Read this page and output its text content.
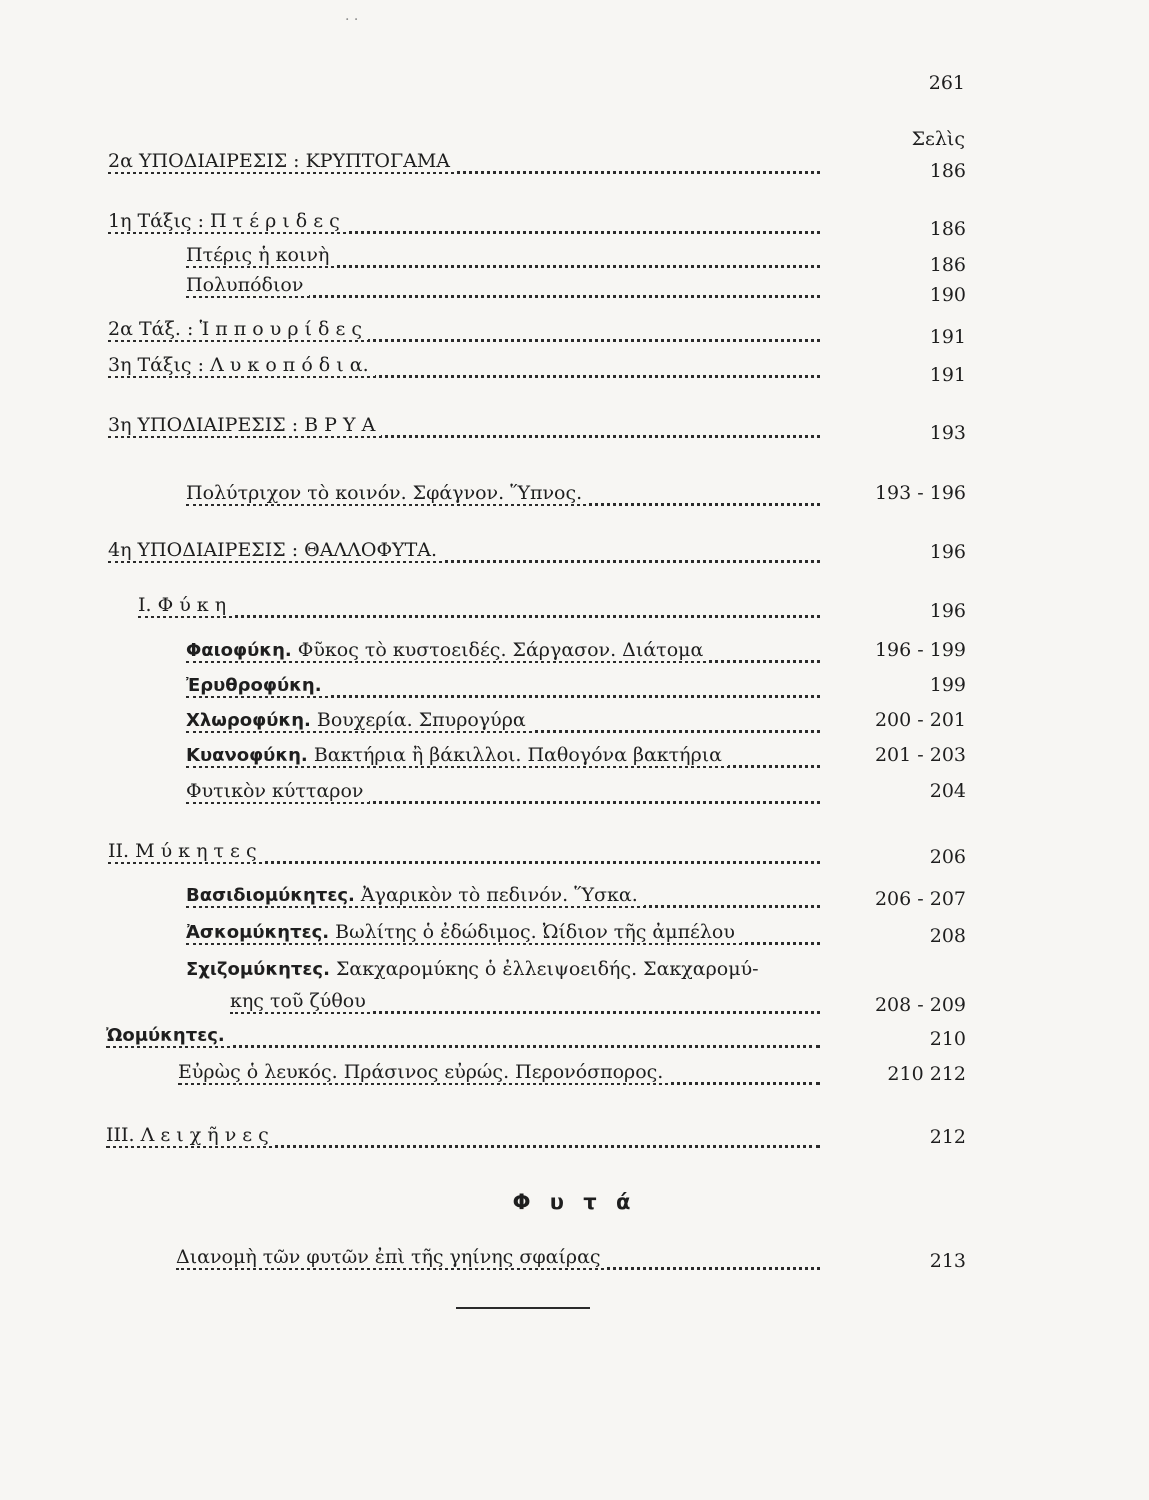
· ·
261
Σελὶς
2α ΥΠΟΔΙΑΙΡΕΣΙΣ : ΚΡΥΠΤΟΓΑΜΑ	186
1η Τάξις : Π τ έ ρ ι δ ε ς	186
Πτέρις ἡ κοινὴ	186
Πολυπόδιον	190
2α Τάξ. : Ἱ π π ο υ ρ ί δ ε ς	191
3η Τάξις : Λ υ κ ο π ό δ ι α.	191
3η ΥΠΟΔΙΑΙΡΕΣΙΣ : Β Ρ Υ Α	193
Πολύτριχον τὸ κοινόν. Σφάγνον. Ὕπνος.	193 - 196
4η ΥΠΟΔΙΑΙΡΕΣΙΣ : ΘΑΛΛΟΦΥΤΑ.	196
I. Φ ύ κ η	196
Φαιοφύκη. Φῦκος τὸ κυστοειδές. Σάργασον. Διάτομα	196 - 199
Ἐρυθροφύκη.	199
Χλωροφύκη. Βουχερία. Σπυρογύρα	200 - 201
Κυανοφύκη. Βακτήρια ἢ βάκιλλοι. Παθογόνα βακτήρια	201 - 203
Φυτικὸν κύτταρον	204
II. Μ ύ κ η τ ε ς	206
Βασιδιομύκητες. Ἀγαρικὸν τὸ πεδινόν. Ὕσκα.	206 - 207
Ἀσκομύκητες. Βωλίτης ὁ ἐδώδιμος. Ὠίδιον τῆς ἀμπέλου	208
Σχιζομύκητες. Σακχαρομύκης ὁ ἐλλειψοειδής. Σακχαρομύ-
κης τοῦ ζύθου	208 - 209
Ὠομύκητες.	210
Εὐρὼς ὁ λευκός. Πράσινος εὐρώς. Περονόσπορος.	210 212
III. Λ ε ι χ ῆ ν ε ς	212
Φ υ τ ά
Διανομὴ τῶν φυτῶν ἐπὶ τῆς γηίνης σφαίρας	213
